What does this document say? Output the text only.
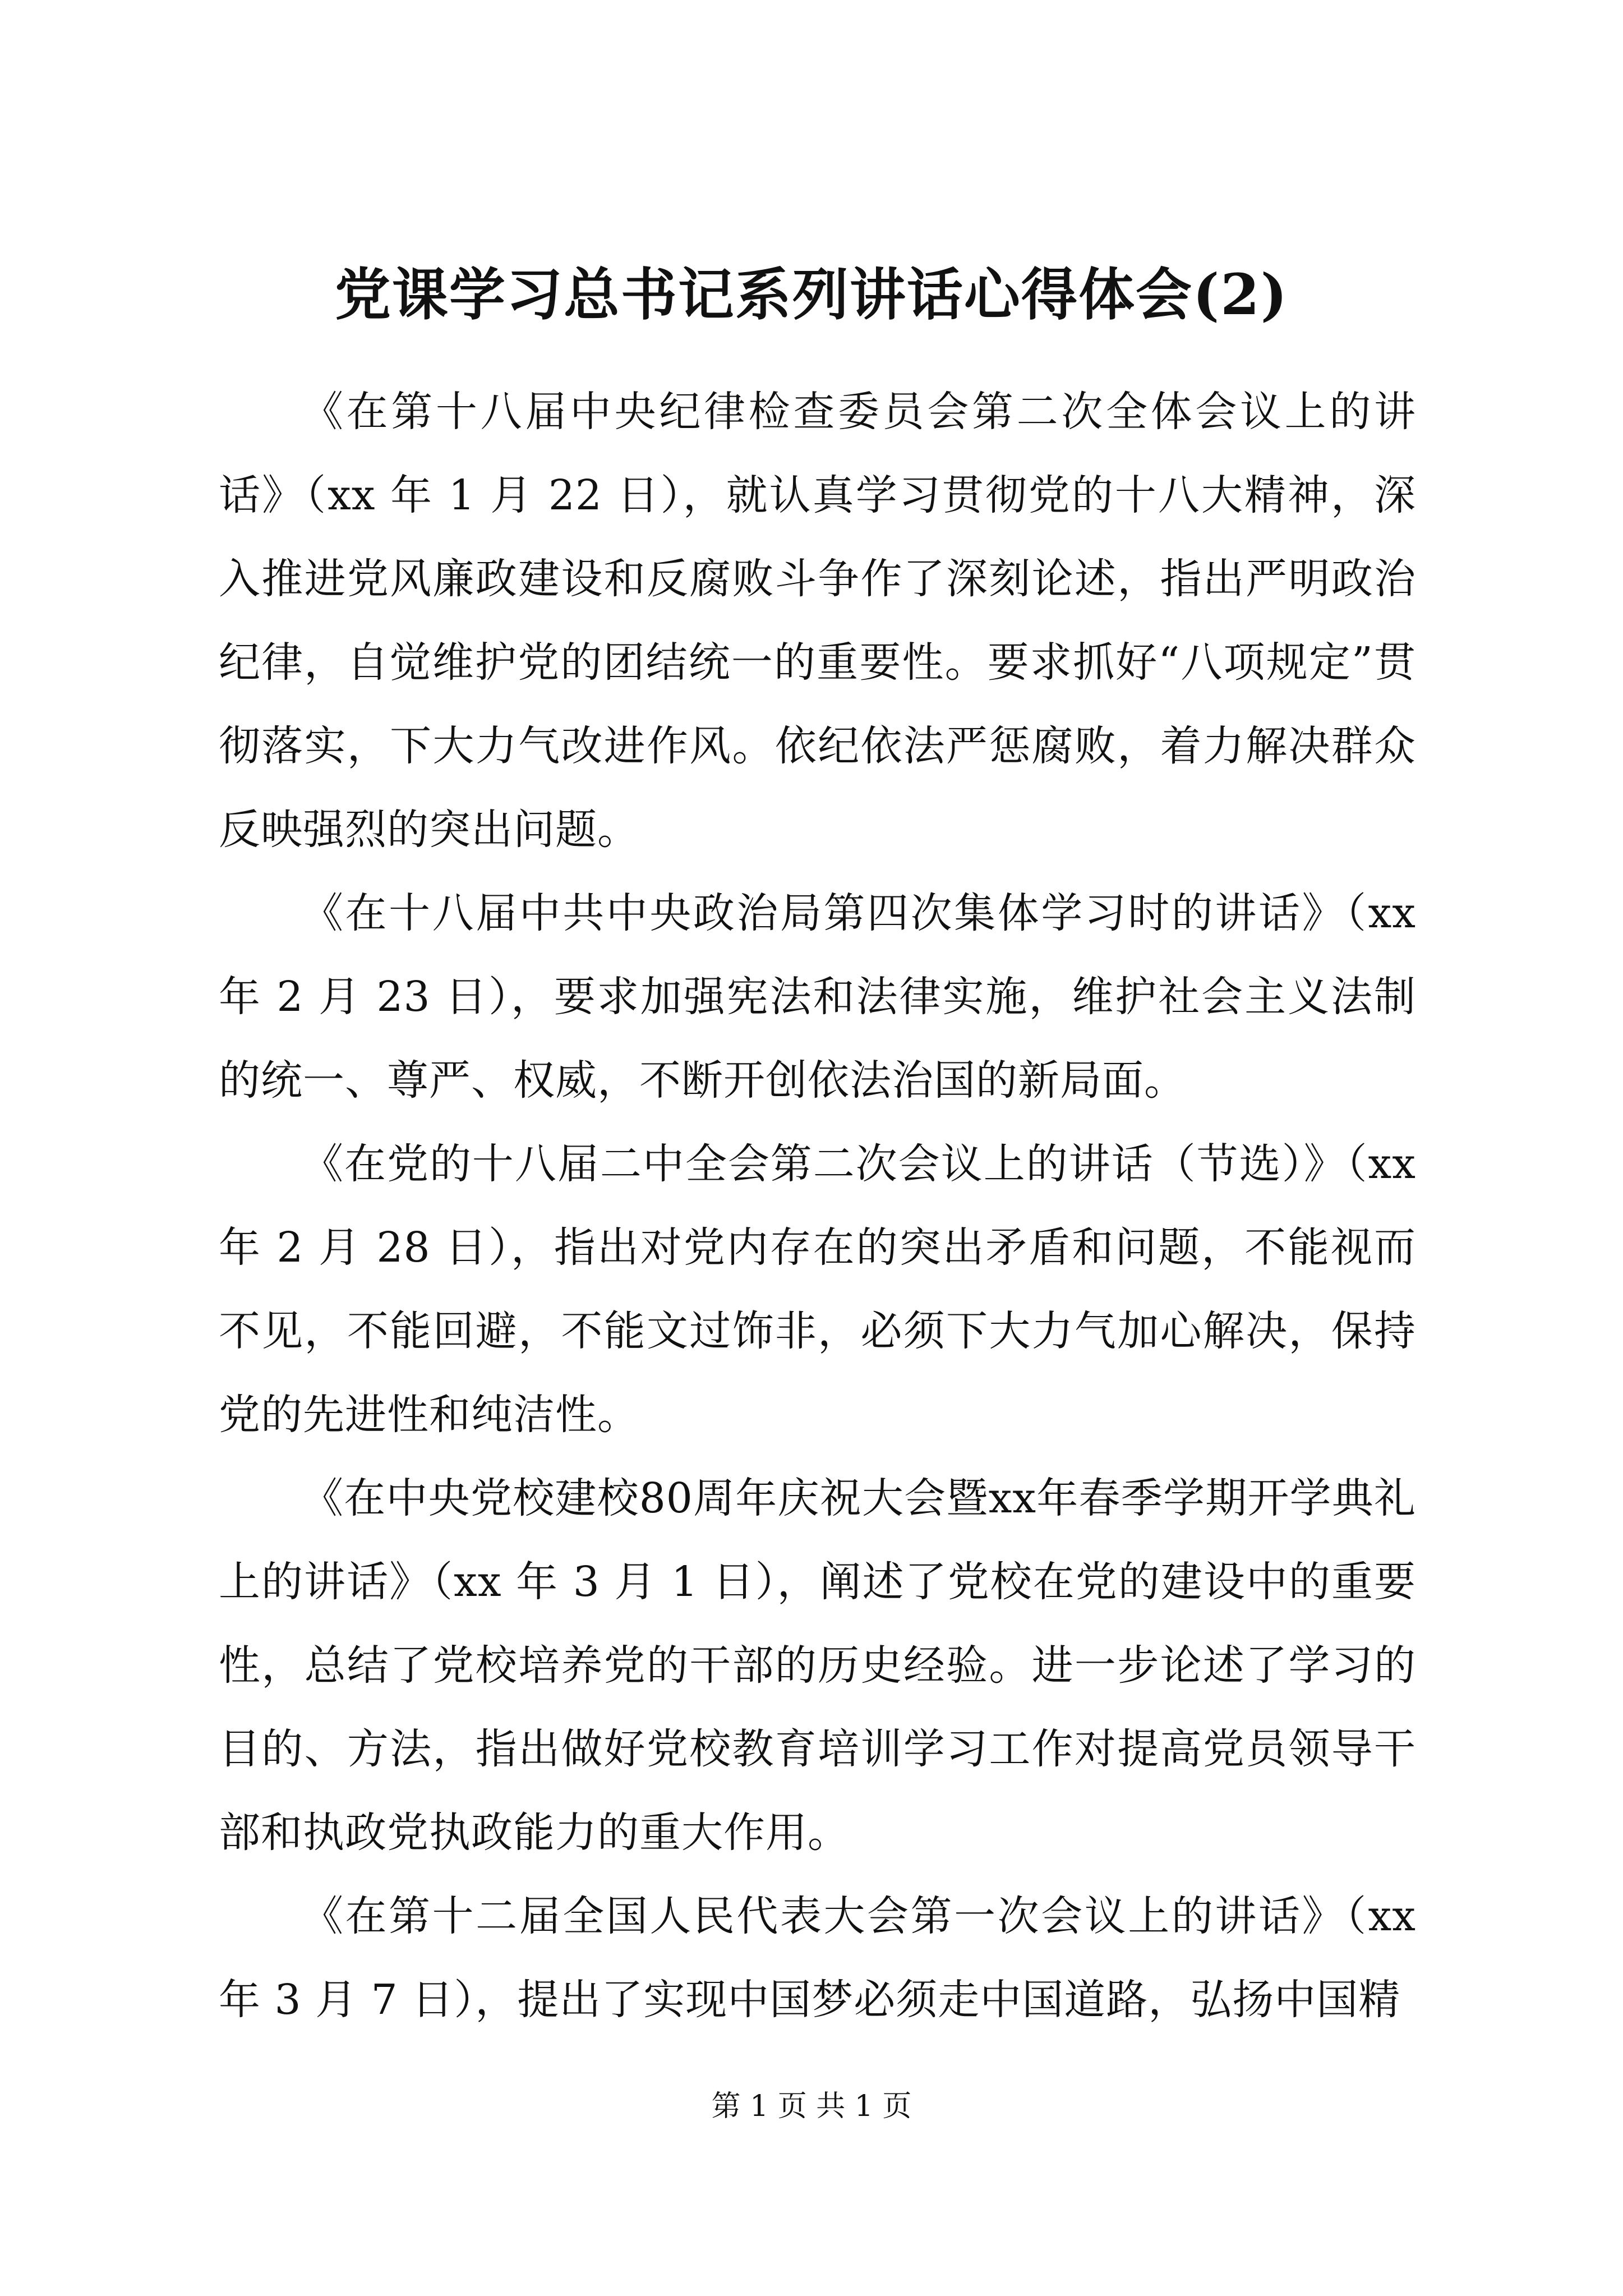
党课学习总书记系列讲话心得体会(2)

《在第十八届中央纪律检查委员会第二次全体会议上的讲话》（xx 年 1 月 22 日），就认真学习贯彻党的十八大精神，深入推进党风廉政建设和反腐败斗争作了深刻论述，指出严明政治纪律，自觉维护党的团结统一的重要性。要求抓好“八项规定”贯彻落实，下大力气改进作风。依纪依法严惩腐败，着力解决群众反映强烈的突出问题。

《在十八届中共中央政治局第四次集体学习时的讲话》（xx 年 2 月 23 日），要求加强宪法和法律实施，维护社会主义法制的统一、尊严、权威，不断开创依法治国的新局面。

《在党的十八届二中全会第二次会议上的讲话（节选）》（xx 年 2 月 28 日），指出对党内存在的突出矛盾和问题，不能视而不见，不能回避，不能文过饰非，必须下大力气加心解决，保持党的先进性和纯洁性。

《在中央党校建校80周年庆祝大会暨xx年春季学期开学典礼上的讲话》（xx 年 3 月 1 日），阐述了党校在党的建设中的重要性，总结了党校培养党的干部的历史经验。进一步论述了学习的目的、方法，指出做好党校教育培训学习工作对提高党员领导干部和执政党执政能力的重大作用。

《在第十二届全国人民代表大会第一次会议上的讲话》（xx 年 3 月 7 日），提出了实现中国梦必须走中国道路，弘扬中国精

第 1 页 共 1 页
